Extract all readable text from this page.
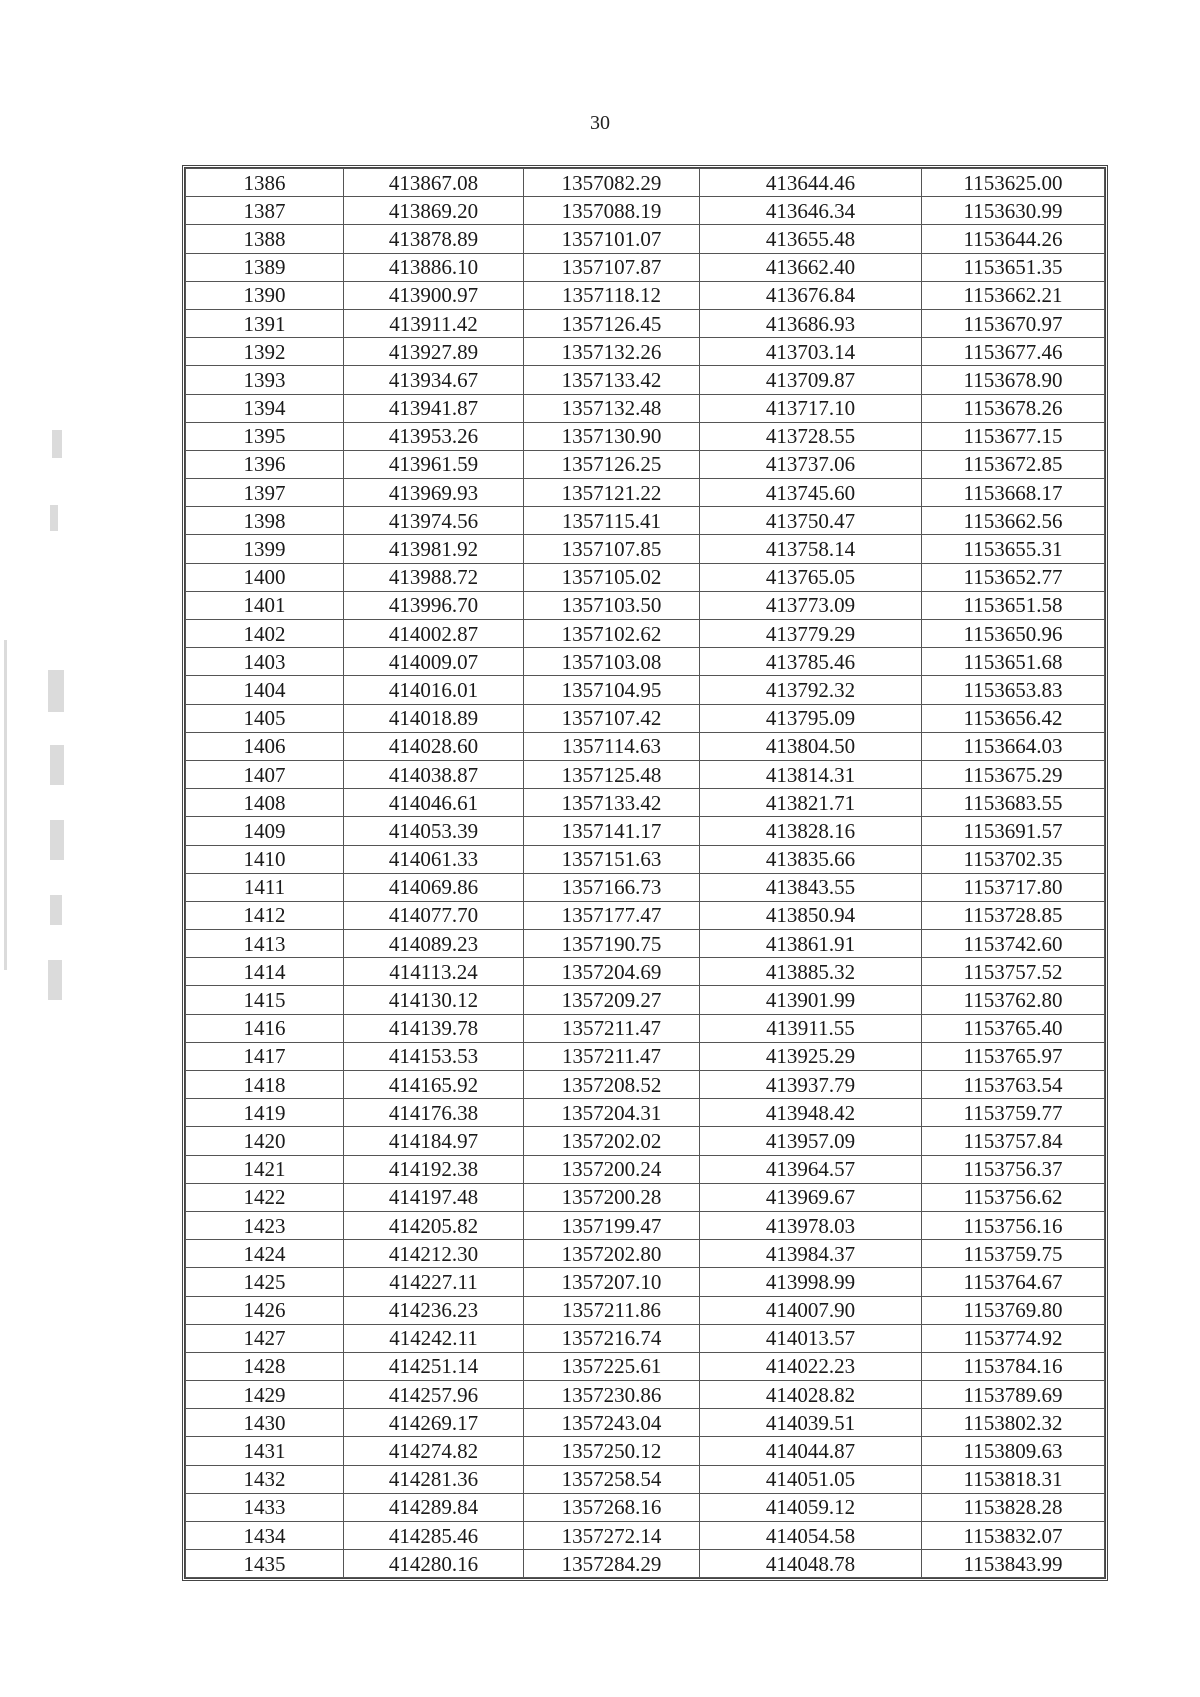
30
1386	413867.08	1357082.29	413644.46	1153625.00
1387	413869.20	1357088.19	413646.34	1153630.99
1388	413878.89	1357101.07	413655.48	1153644.26
1389	413886.10	1357107.87	413662.40	1153651.35
1390	413900.97	1357118.12	413676.84	1153662.21
1391	413911.42	1357126.45	413686.93	1153670.97
1392	413927.89	1357132.26	413703.14	1153677.46
1393	413934.67	1357133.42	413709.87	1153678.90
1394	413941.87	1357132.48	413717.10	1153678.26
1395	413953.26	1357130.90	413728.55	1153677.15
1396	413961.59	1357126.25	413737.06	1153672.85
1397	413969.93	1357121.22	413745.60	1153668.17
1398	413974.56	1357115.41	413750.47	1153662.56
1399	413981.92	1357107.85	413758.14	1153655.31
1400	413988.72	1357105.02	413765.05	1153652.77
1401	413996.70	1357103.50	413773.09	1153651.58
1402	414002.87	1357102.62	413779.29	1153650.96
1403	414009.07	1357103.08	413785.46	1153651.68
1404	414016.01	1357104.95	413792.32	1153653.83
1405	414018.89	1357107.42	413795.09	1153656.42
1406	414028.60	1357114.63	413804.50	1153664.03
1407	414038.87	1357125.48	413814.31	1153675.29
1408	414046.61	1357133.42	413821.71	1153683.55
1409	414053.39	1357141.17	413828.16	1153691.57
1410	414061.33	1357151.63	413835.66	1153702.35
1411	414069.86	1357166.73	413843.55	1153717.80
1412	414077.70	1357177.47	413850.94	1153728.85
1413	414089.23	1357190.75	413861.91	1153742.60
1414	414113.24	1357204.69	413885.32	1153757.52
1415	414130.12	1357209.27	413901.99	1153762.80
1416	414139.78	1357211.47	413911.55	1153765.40
1417	414153.53	1357211.47	413925.29	1153765.97
1418	414165.92	1357208.52	413937.79	1153763.54
1419	414176.38	1357204.31	413948.42	1153759.77
1420	414184.97	1357202.02	413957.09	1153757.84
1421	414192.38	1357200.24	413964.57	1153756.37
1422	414197.48	1357200.28	413969.67	1153756.62
1423	414205.82	1357199.47	413978.03	1153756.16
1424	414212.30	1357202.80	413984.37	1153759.75
1425	414227.11	1357207.10	413998.99	1153764.67
1426	414236.23	1357211.86	414007.90	1153769.80
1427	414242.11	1357216.74	414013.57	1153774.92
1428	414251.14	1357225.61	414022.23	1153784.16
1429	414257.96	1357230.86	414028.82	1153789.69
1430	414269.17	1357243.04	414039.51	1153802.32
1431	414274.82	1357250.12	414044.87	1153809.63
1432	414281.36	1357258.54	414051.05	1153818.31
1433	414289.84	1357268.16	414059.12	1153828.28
1434	414285.46	1357272.14	414054.58	1153832.07
1435	414280.16	1357284.29	414048.78	1153843.99
